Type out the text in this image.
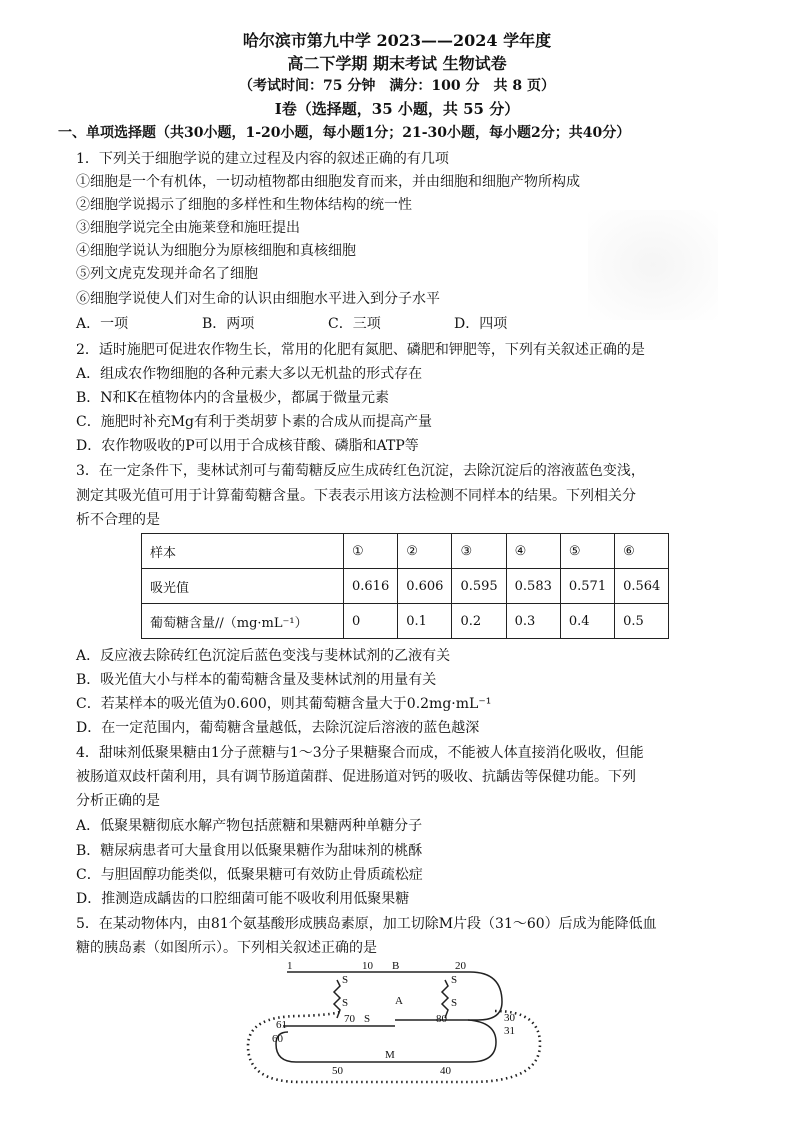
哈尔滨市第九中学 2023——2024 学年度
高二下学期 期末考试 生物试卷
（考试时间：75 分钟　满分：100 分　共 8 页）
I卷（选择题，35 小题，共 55 分）
一、单项选择题（共30小题，1-20小题，每小题1分；21-30小题，每小题2分；共40分）
1．下列关于细胞学说的建立过程及内容的叙述正确的有几项
①细胞是一个有机体，一切动植物都由细胞发育而来，并由细胞和细胞产物所构成
②细胞学说揭示了细胞的多样性和生物体结构的统一性
③细胞学说完全由施莱登和施旺提出
④细胞学说认为细胞分为原核细胞和真核细胞
⑤列文虎克发现并命名了细胞
⑥细胞学说使人们对生命的认识由细胞水平进入到分子水平
A．一项	B．两项	C．三项	D．四项
2．适时施肥可促进农作物生长，常用的化肥有氮肥、磷肥和钾肥等，下列有关叙述正确的是
A．组成农作物细胞的各种元素大多以无机盐的形式存在
B．N和K在植物体内的含量极少，都属于微量元素
C．施肥时补充Mg有利于类胡萝卜素的合成从而提高产量
D．农作物吸收的P可以用于合成核苷酸、磷脂和ATP等
3．在一定条件下，斐林试剂可与葡萄糖反应生成砖红色沉淀，去除沉淀后的溶液蓝色变浅，
测定其吸光值可用于计算葡萄糖含量。下表表示用该方法检测不同样本的结果。下列相关分
析不合理的是
样本	①	②	③	④	⑤	⑥
吸光值	0.616	0.606	0.595	0.583	0.571	0.564
葡萄糖含量//（mg·mL⁻¹）	0	0.1	0.2	0.3	0.4	0.5
A．反应液去除砖红色沉淀后蓝色变浅与斐林试剂的乙液有关
B．吸光值大小与样本的葡萄糖含量及斐林试剂的用量有关
C．若某样本的吸光值为0.600，则其葡萄糖含量大于0.2mg·mL⁻¹
D．在一定范围内，葡萄糖含量越低，去除沉淀后溶液的蓝色越深
4．甜味剂低聚果糖由1分子蔗糖与1～3分子果糖聚合而成，不能被人体直接消化吸收，但能
被肠道双歧杆菌利用，具有调节肠道菌群、促进肠道对钙的吸收、抗龋齿等保健功能。下列
分析正确的是
A．低聚果糖彻底水解产物包括蔗糖和果糖两种单糖分子
B．糖尿病患者可大量食用以低聚果糖作为甜味剂的桃酥
C．与胆固醇功能类似，低聚果糖可有效防止骨质疏松症
D．推测造成龋齿的口腔细菌可能不吸收利用低聚果糖
5．在某动物体内，由81个氨基酸形成胰岛素原，加工切除M片段（31～60）后成为能降低血
糖的胰岛素（如图所示）。下列相关叙述正确的是
1	10 B	20
S
S
S
S
A
61	70 S	80	30
31
60
M
50	40
